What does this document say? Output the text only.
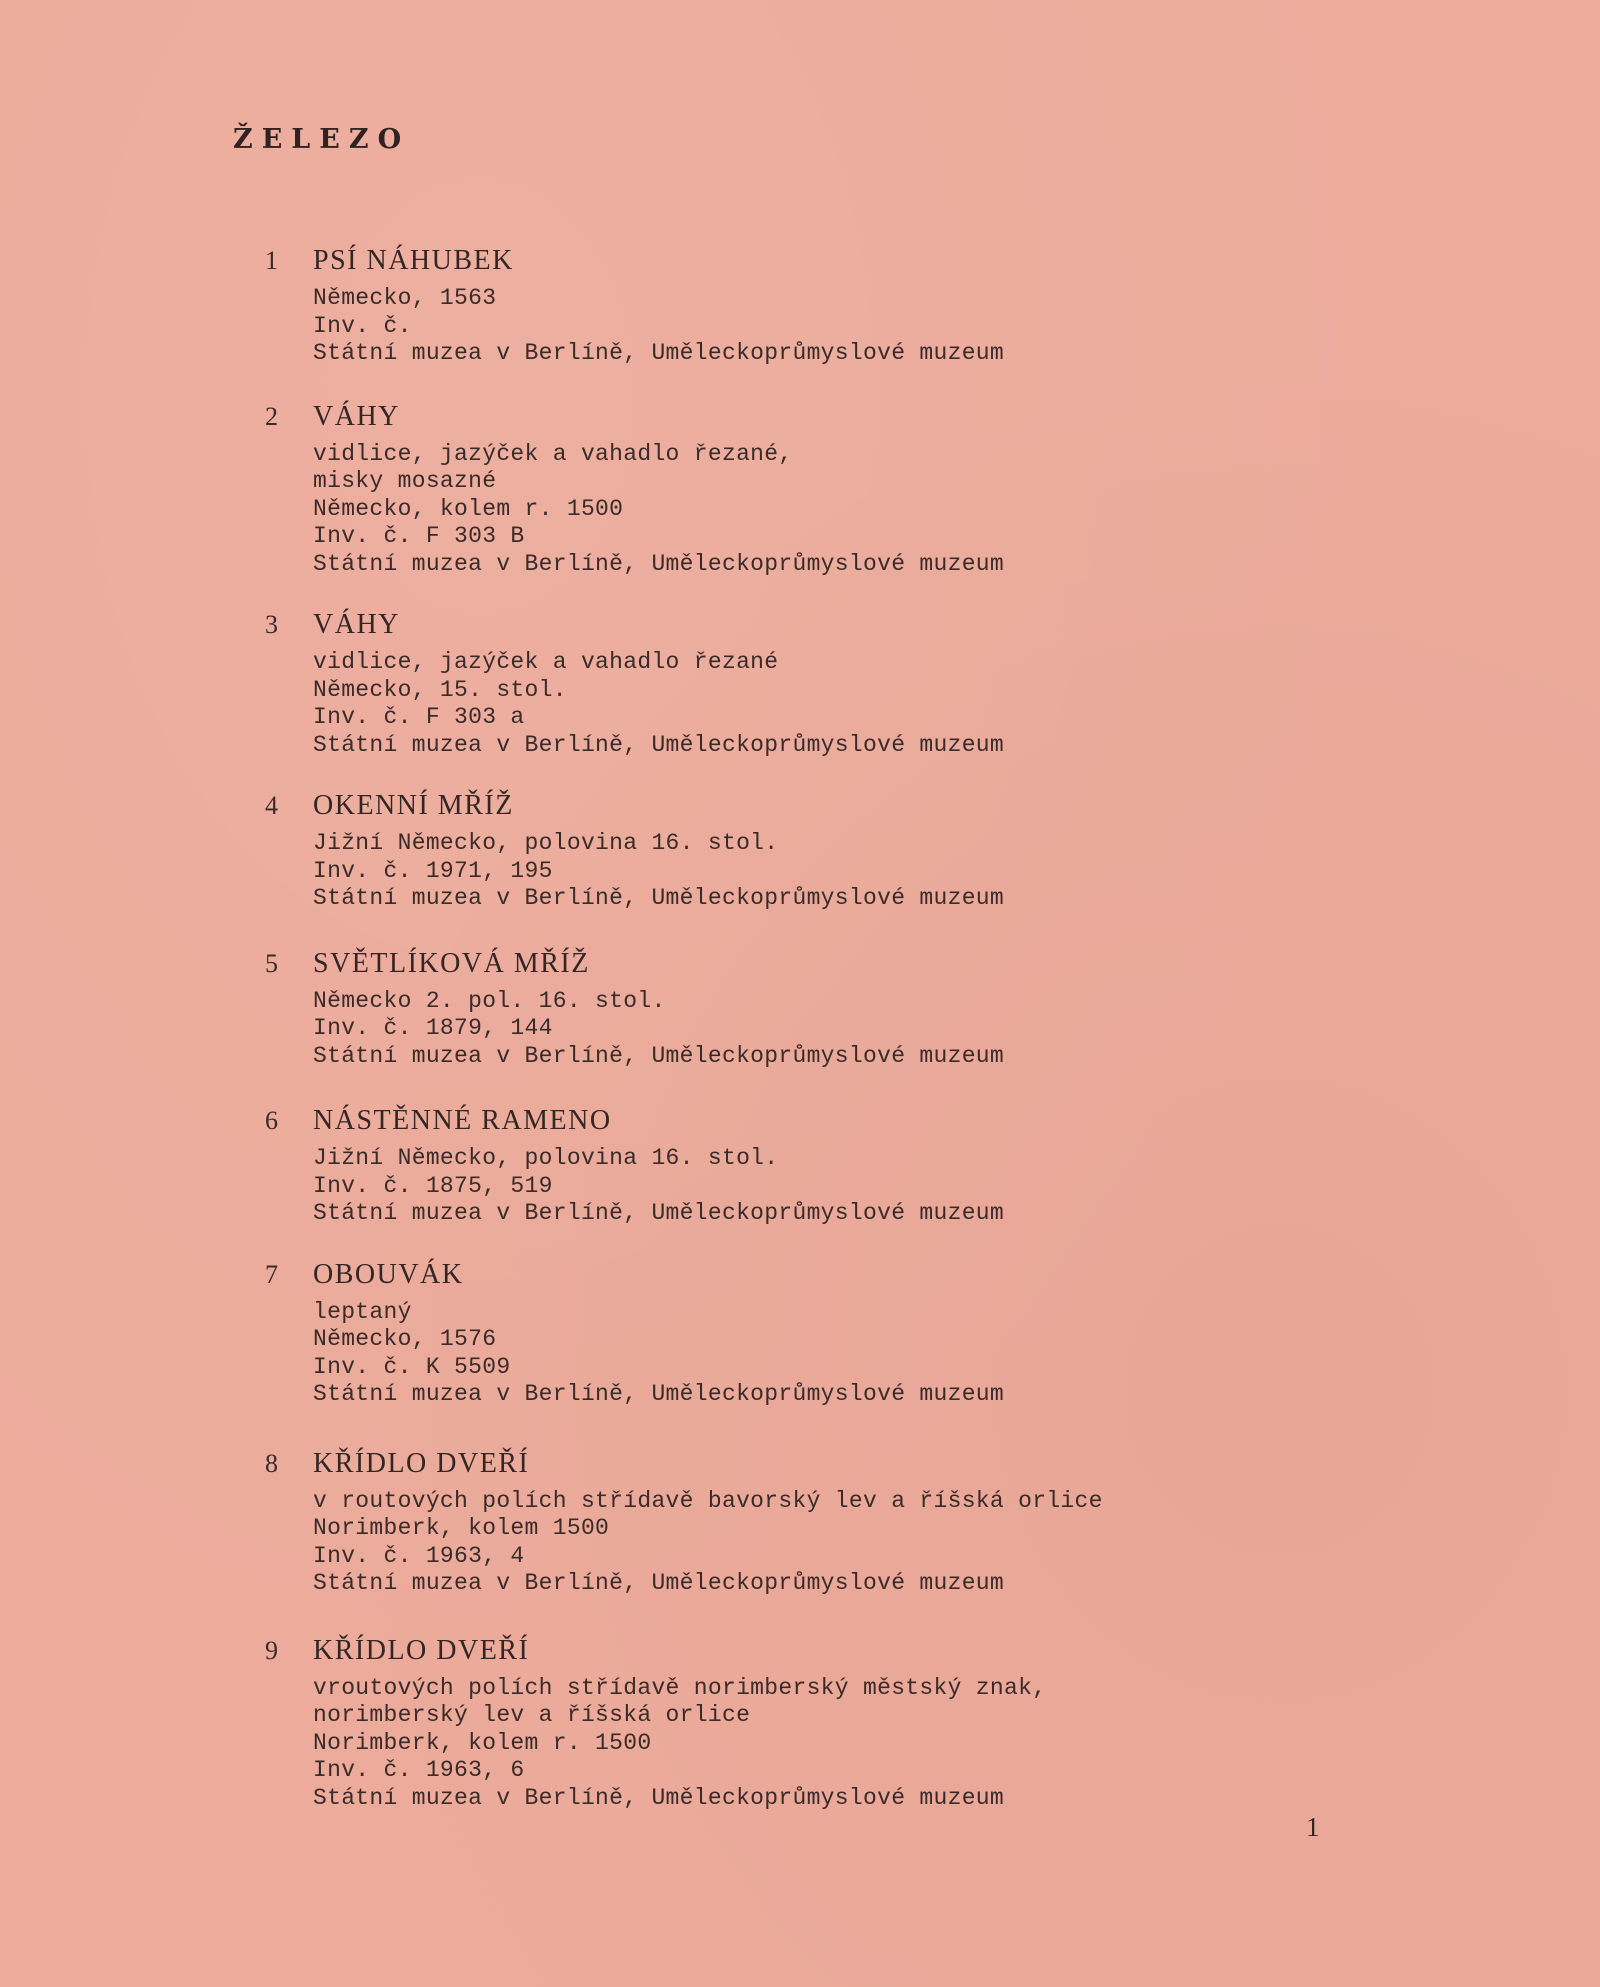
ŽELEZO
1 PSÍ NÁHUBEK
Německo, 1563
Inv. č.
Státní muzea v Berlíně, Uměleckoprůmyslové muzeum
2 VÁHY
vidlice, jazýček a vahadlo řezané,
misky mosazné
Německo, kolem r. 1500
Inv. č. F 303 B
Státní muzea v Berlíně, Uměleckoprůmyslové muzeum
3 VÁHY
vidlice, jazýček a vahadlo řezané
Německo, 15. stol.
Inv. č. F 303 a
Státní muzea v Berlíně, Uměleckoprůmyslové muzeum
4 OKENNÍ MŘÍŽ
Jižní Německo, polovina 16. stol.
Inv. č. 1971, 195
Státní muzea v Berlíně, Uměleckoprůmyslové muzeum
5 SVĚTLÍKOVÁ MŘÍŽ
Německo 2. pol. 16. stol.
Inv. č. 1879, 144
Státní muzea v Berlíně, Uměleckoprůmyslové muzeum
6 NÁSTĚNNÉ RAMENO
Jižní Německo, polovina 16. stol.
Inv. č. 1875, 519
Státní muzea v Berlíně, Uměleckoprůmyslové muzeum
7 OBOUVÁK
leptaný
Německo, 1576
Inv. č. K 5509
Státní muzea v Berlíně, Uměleckoprůmyslové muzeum
8 KŘÍDLO DVEŘÍ
v routových polích střídavě bavorský lev a říšská orlice
Norimberk, kolem 1500
Inv. č. 1963, 4
Státní muzea v Berlíně, Uměleckoprůmyslové muzeum
9 KŘÍDLO DVEŘÍ
vroutových polích střídavě norimberský městský znak,
norimberský lev a říšská orlice
Norimberk, kolem r. 1500
Inv. č. 1963, 6
Státní muzea v Berlíně, Uměleckoprůmyslové muzeum
1
